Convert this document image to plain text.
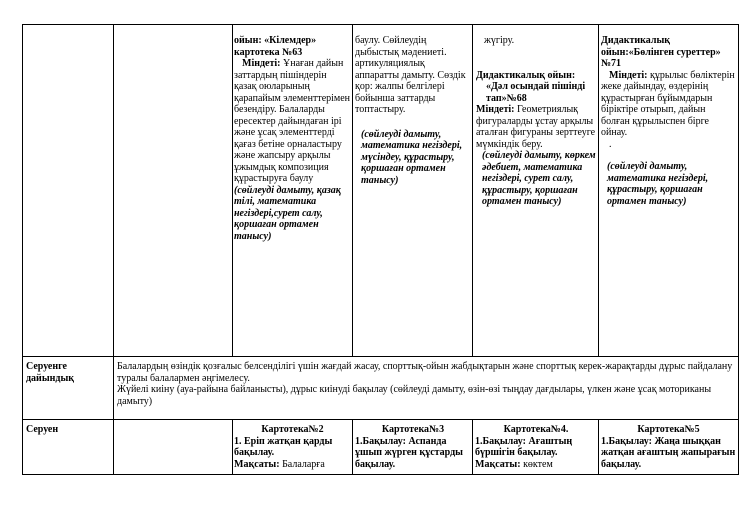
ойын: «Кілемдер» картотека №63

Міндеті: Ұнаған дайын заттардың пішіндерін қазақ оюларының қарапайым элементтерімен безендіру. Балаларды ересектер дайындаған ірі және ұсақ элементтерді қағаз бетіне орналастыру және жапсыру арқылы ұжымдық композиция құрастыруға баулу

(сөйлеуді дамыту, қазақ тілі, математика негіздері,сурет салу, қоршаған ортамен танысу)

баулу. Сөйлеудің дыбыстық мәдениеті. артикуляциялық аппаратты дамыту. Сөздік қор: жалпы белгілері бойынша заттарды топтастыру.

(сөйлеуді дамыту, математика негіздері, мүсіндеу, құрастыру, қоршаған ортамен танысу)

жүгіру.

Дидактикалық ойын: «Дәл осындай пішінді тап»№68

Міндеті: Геометриялық фигураларды ұстау арқылы аталған фигураны зерттеуге мүмкіндік беру.

(сөйлеуді дамыту, көркем әдебиет, математика негіздері, сурет салу, құрастыру, қоршаған ортамен танысу)

Дидактикалық ойын:«Бөлінген суреттер» №71

Міндеті: құрылыс бөліктерін жеке дайындау, өздерінің құрастырған бұйымдарын біріктіре отырып, дайын болған құрылыспен бірге ойнау.

.

(сөйлеуді дамыту, математика негіздері, құрастыру, қоршаған ортамен танысу)

Серуенге дайындық

Балалардың өзіндік қозғалыс белсенділігі үшін жағдай жасау, спорттық-ойын жабдықтарын және спорттық керек-жарақтарды дұрыс пайдалану туралы балалармен әңгімелесу.

Жүйелі киіну (ауа-райына байланысты), дұрыс киінуді бақылау (сөйлеуді дамыту, өзін-өзі тыңдау дағдылары, үлкен және ұсақ моториканы дамыту)

Серуен	Картотека№2

1. Еріп жатқан қарды бақылау.

Мақсаты: Балаларға

Картотека№3

1.Бақылау: Аспанда ұшып жүрген құстарды бақылау.

Картотека№4.

1.Бақылау: Ағаштың бүршігін бақылау.

Мақсаты: көктем

Картотека№5

1.Бақылау: Жаңа шыққан жатқан ағаштың жапырағын бақылау.
